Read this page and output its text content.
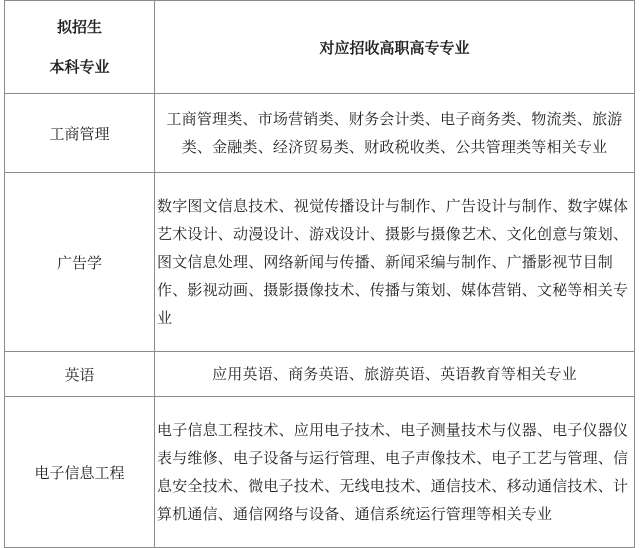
拟招生
本科专业	对应招收高职高专专业
工商管理	工商管理类、市场营销类、财务会计类、电子商务类、物流类、旅游类、金融类、经济贸易类、财政税收类、公共管理类等相关专业
广告学	数字图文信息技术、视觉传播设计与制作、广告设计与制作、数字媒体艺术设计、动漫设计、游戏设计、摄影与摄像艺术、文化创意与策划、图文信息处理、网络新闻与传播、新闻采编与制作、广播影视节目制作、影视动画、摄影摄像技术、传播与策划、媒体营销、文秘等相关专业
英语	应用英语、商务英语、旅游英语、英语教育等相关专业
电子信息工程	电子信息工程技术、应用电子技术、电子测量技术与仪器、电子仪器仪表与维修、电子设备与运行管理、电子声像技术、电子工艺与管理、信息安全技术、微电子技术、无线电技术、通信技术、移动通信技术、计算机通信、通信网络与设备、通信系统运行管理等相关专业
